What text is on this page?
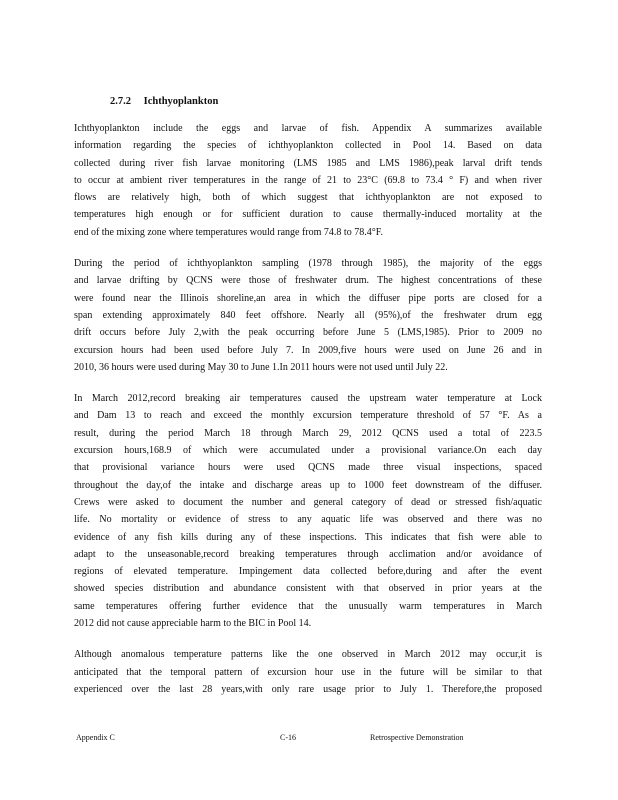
2.7.2 Ichthyoplankton
Ichthyoplankton include the eggs and larvae of fish. Appendix A summarizes available
information regarding the species of ichthyoplankton collected in Pool 14. Based on data
collected during river fish larvae monitoring (LMS 1985 and LMS 1986),peak larval drift tends
to occur at ambient river temperatures in the range of 21 to 23°C (69.8 to 73.4 ° F) and when river
flows are relatively high, both of which suggest that ichthyoplankton are not exposed to
temperatures high enough or for sufficient duration to cause thermally-induced mortality at the
end of the mixing zone where temperatures would range from 74.8 to 78.4°F.
During the period of ichthyoplankton sampling (1978 through 1985), the majority of the eggs
and larvae drifting by QCNS were those of freshwater drum. The highest concentrations of these
were found near the Illinois shoreline,an area in which the diffuser pipe ports are closed for a
span extending approximately 840 feet offshore. Nearly all (95%),of the freshwater drum egg
drift occurs before July 2,with the peak occurring before June 5 (LMS,1985). Prior to 2009 no
excursion hours had been used before July 7. In 2009,five hours were used on June 26 and in
2010, 36 hours were used during May 30 to June 1.In 2011 hours were not used until July 22.
In March 2012,record breaking air temperatures caused the upstream water temperature at Lock
and Dam 13 to reach and exceed the monthly excursion temperature threshold of 57 °F. As a
result, during the period March 18 through March 29, 2012 QCNS used a total of 223.5
excursion hours,168.9 of which were accumulated under a provisional variance.On each day
that provisional variance hours were used QCNS made three visual inspections, spaced
throughout the day,of the intake and discharge areas up to 1000 feet downstream of the diffuser.
Crews were asked to document the number and general category of dead or stressed fish/aquatic
life. No mortality or evidence of stress to any aquatic life was observed and there was no
evidence of any fish kills during any of these inspections. This indicates that fish were able to
adapt to the unseasonable,record breaking temperatures through acclimation and/or avoidance of
regions of elevated temperature. Impingement data collected before,during and after the event
showed species distribution and abundance consistent with that observed in prior years at the
same temperatures offering further evidence that the unusually warm temperatures in March
2012 did not cause appreciable harm to the BIC in Pool 14.
Although anomalous temperature patterns like the one observed in March 2012 may occur,it is
anticipated that the temporal pattern of excursion hour use in the future will be similar to that
experienced over the last 28 years,with only rare usage prior to July 1. Therefore,the proposed
Appendix C	C-16	Retrospective Demonstration
